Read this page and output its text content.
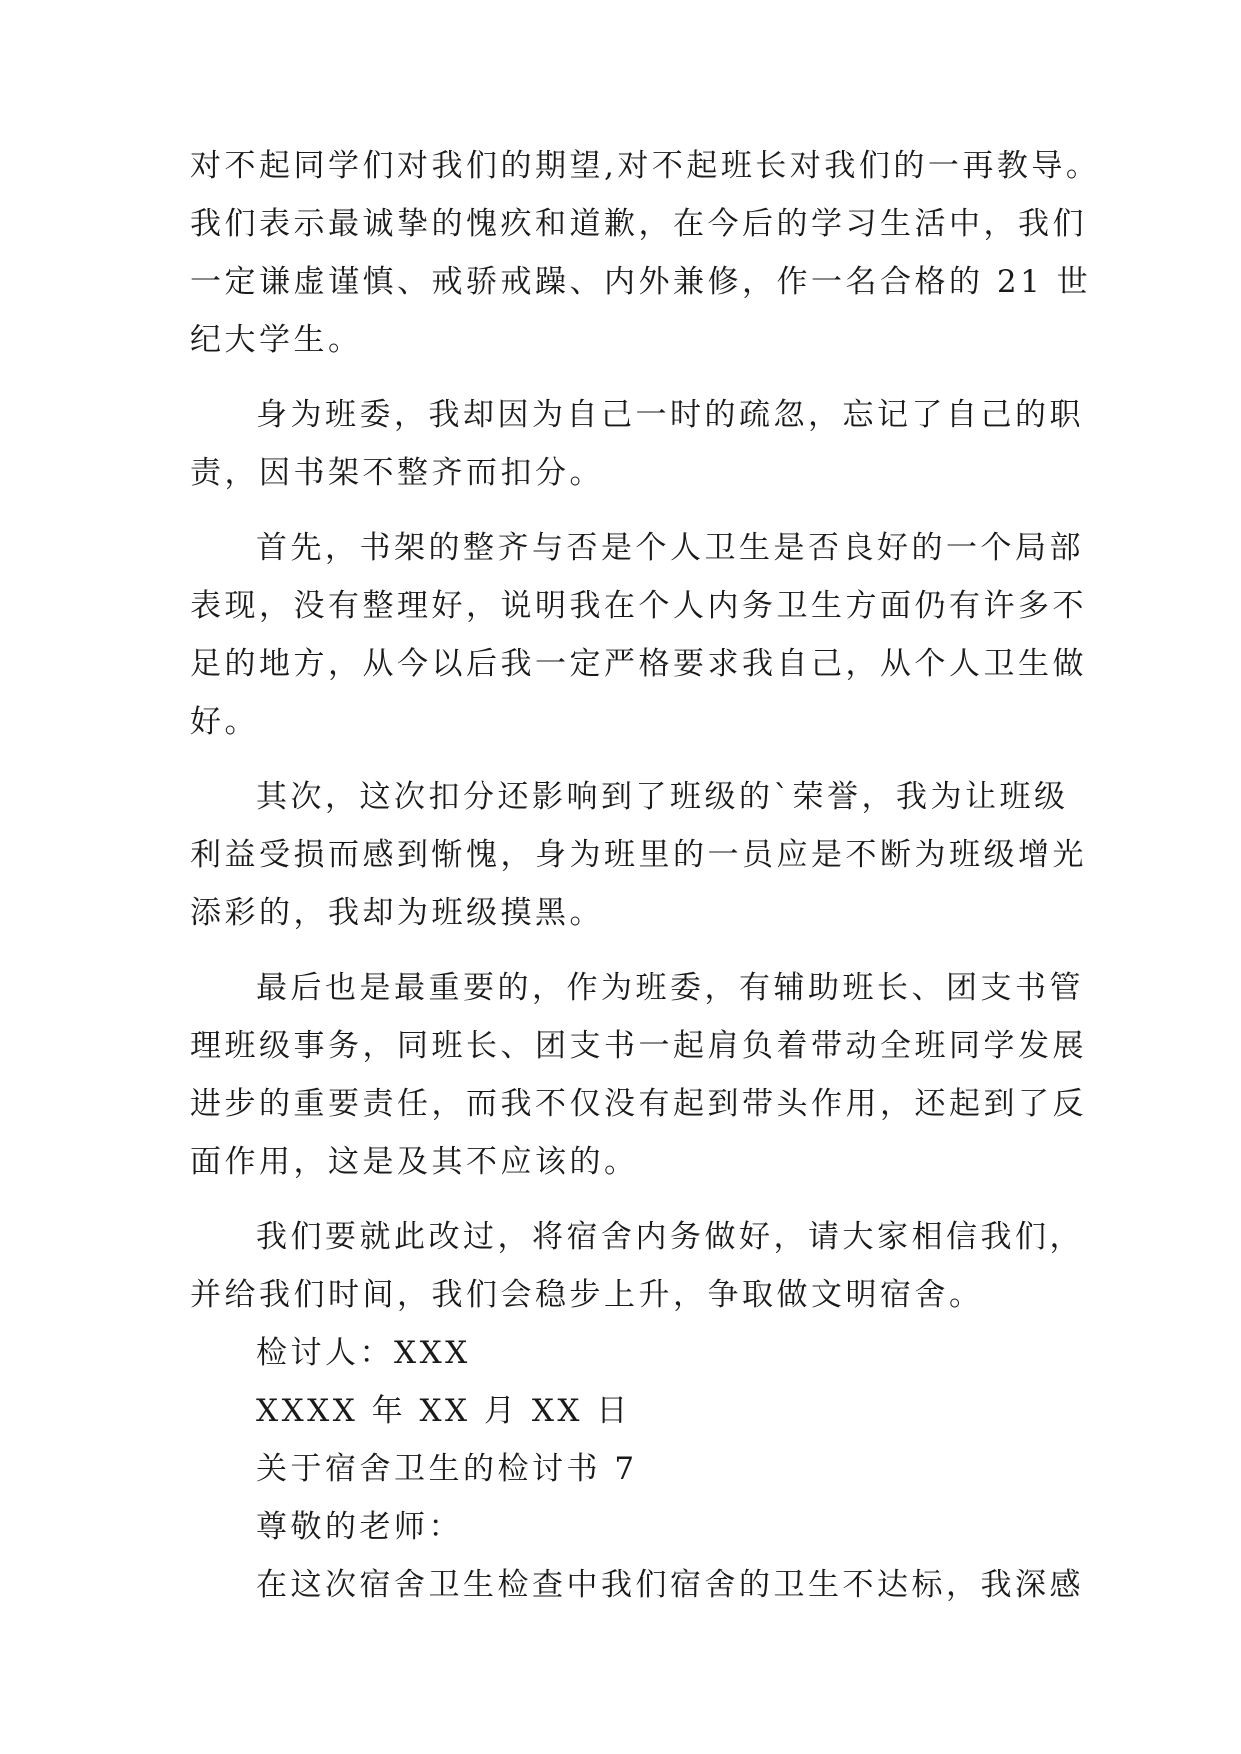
对不起同学们对我们的期望,对不起班长对我们的一再教导。
我们表示最诚挚的愧疚和道歉，在今后的学习生活中，我们
一定谦虚谨慎、戒骄戒躁、内外兼修，作一名合格的 21 世
纪大学生。
身为班委，我却因为自己一时的疏忽，忘记了自己的职
责，因书架不整齐而扣分。
首先，书架的整齐与否是个人卫生是否良好的一个局部
表现，没有整理好，说明我在个人内务卫生方面仍有许多不
足的地方，从今以后我一定严格要求我自己，从个人卫生做
好。
其次，这次扣分还影响到了班级的`荣誉，我为让班级
利益受损而感到惭愧，身为班里的一员应是不断为班级增光
添彩的，我却为班级摸黑。
最后也是最重要的，作为班委，有辅助班长、团支书管
理班级事务，同班长、团支书一起肩负着带动全班同学发展
进步的重要责任，而我不仅没有起到带头作用，还起到了反
面作用，这是及其不应该的。
我们要就此改过，将宿舍内务做好，请大家相信我们，
并给我们时间，我们会稳步上升，争取做文明宿舍。
检讨人：XXX
XXXX 年 XX 月 XX 日
关于宿舍卫生的检讨书 7
尊敬的老师：
在这次宿舍卫生检查中我们宿舍的卫生不达标，我深感
